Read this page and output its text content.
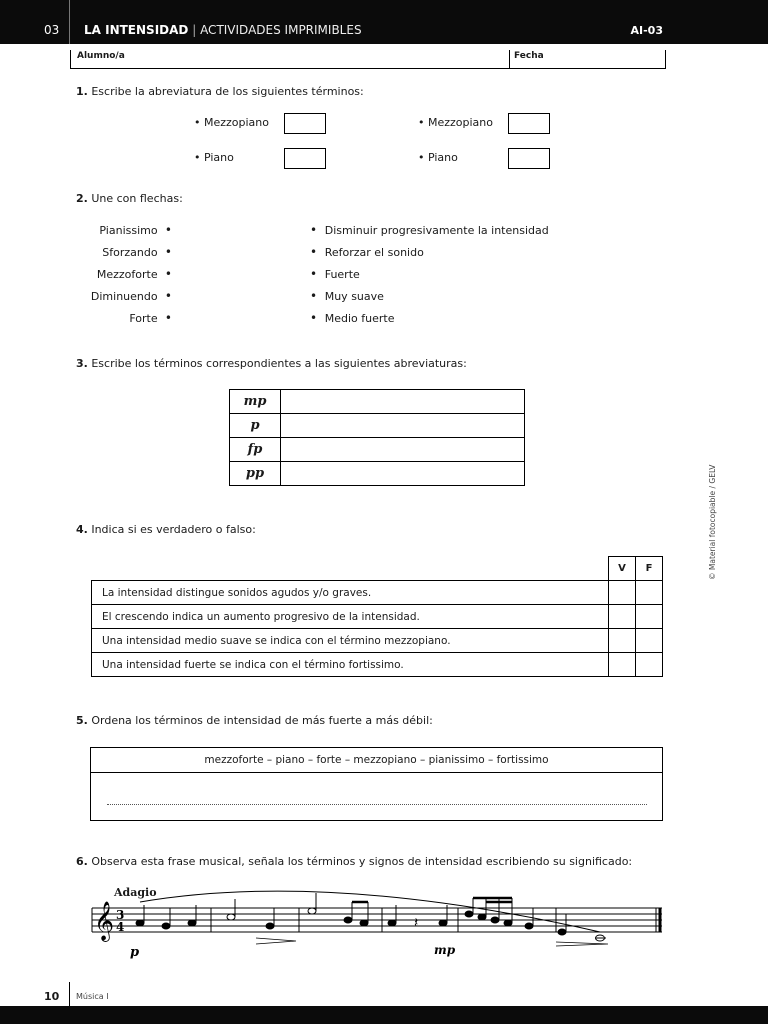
03 LA INTENSIDAD | ACTIVIDADES IMPRIMIBLES	AI-03
Alumno/a	Fecha
1. Escribe la abreviatura de los siguientes términos:
• Mezzopiano	• Mezzopiano
• Piano	• Piano
2. Une con flechas:
Pianissimo  •
Sforzando  •
Mezzoforte  •
Diminuendo  •
Forte  •
•  Disminuir progresivamente la intensidad
•  Reforzar el sonido
•  Fuerte
•  Muy suave
•  Medio fuerte
3. Escribe los términos correspondientes a las siguientes abreviaturas:
mp	
p	
fp	
pp	
4. Indica si es verdadero o falso:
	V	F
La intensidad distingue sonidos agudos y/o graves.		
El crescendo indica un aumento progresivo de la intensidad.		
Una intensidad medio suave se indica con el término mezzopiano.		
Una intensidad fuerte se indica con el término fortissimo.		
5. Ordena los términos de intensidad de más fuerte a más débil:
mezzoforte – piano – forte – mezzopiano – pianissimo – fortissimo
6. Observa esta frase musical, señala los términos y signos de intensidad escribiendo su significado:
Adagio
𝄞 3
4	𝄽
p	mp
© Material fotocopiable / GELV
10 Música I
